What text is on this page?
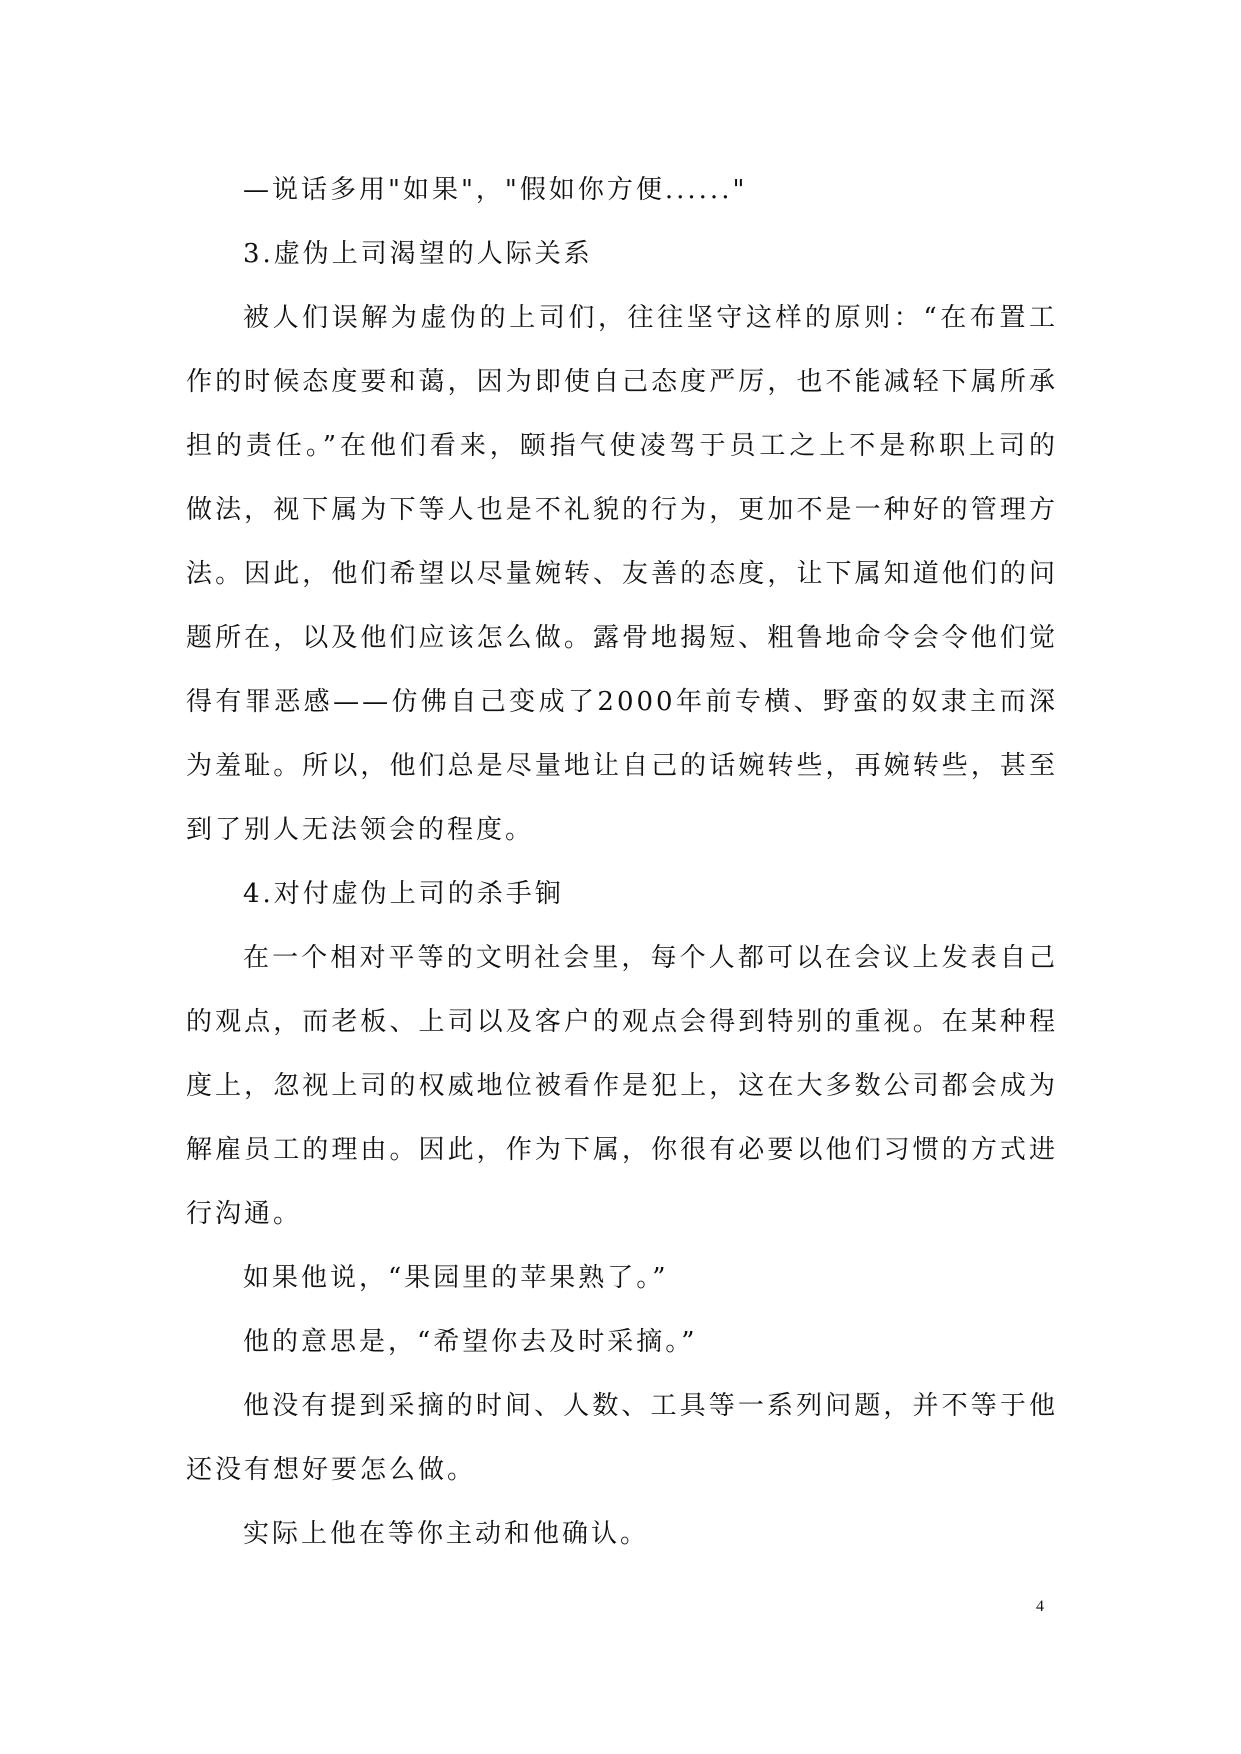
—说话多用"如果"，"假如你方便......"

3.虚伪上司渴望的人际关系

被人们误解为虚伪的上司们，往往坚守这样的原则：“在布置工作的时候态度要和蔼，因为即使自己态度严厉，也不能减轻下属所承担的责任。”在他们看来，颐指气使凌驾于员工之上不是称职上司的做法，视下属为下等人也是不礼貌的行为，更加不是一种好的管理方法。因此，他们希望以尽量婉转、友善的态度，让下属知道他们的问题所在，以及他们应该怎么做。露骨地揭短、粗鲁地命令会令他们觉得有罪恶感——仿佛自己变成了2000年前专横、野蛮的奴隶主而深为羞耻。所以，他们总是尽量地让自己的话婉转些，再婉转些，甚至到了别人无法领会的程度。

4.对付虚伪上司的杀手锏

在一个相对平等的文明社会里，每个人都可以在会议上发表自己的观点，而老板、上司以及客户的观点会得到特别的重视。在某种程度上，忽视上司的权威地位被看作是犯上，这在大多数公司都会成为解雇员工的理由。因此，作为下属，你很有必要以他们习惯的方式进行沟通。

如果他说，“果园里的苹果熟了。”

他的意思是，“希望你去及时采摘。”

他没有提到采摘的时间、人数、工具等一系列问题，并不等于他还没有想好要怎么做。

实际上他在等你主动和他确认。

4
